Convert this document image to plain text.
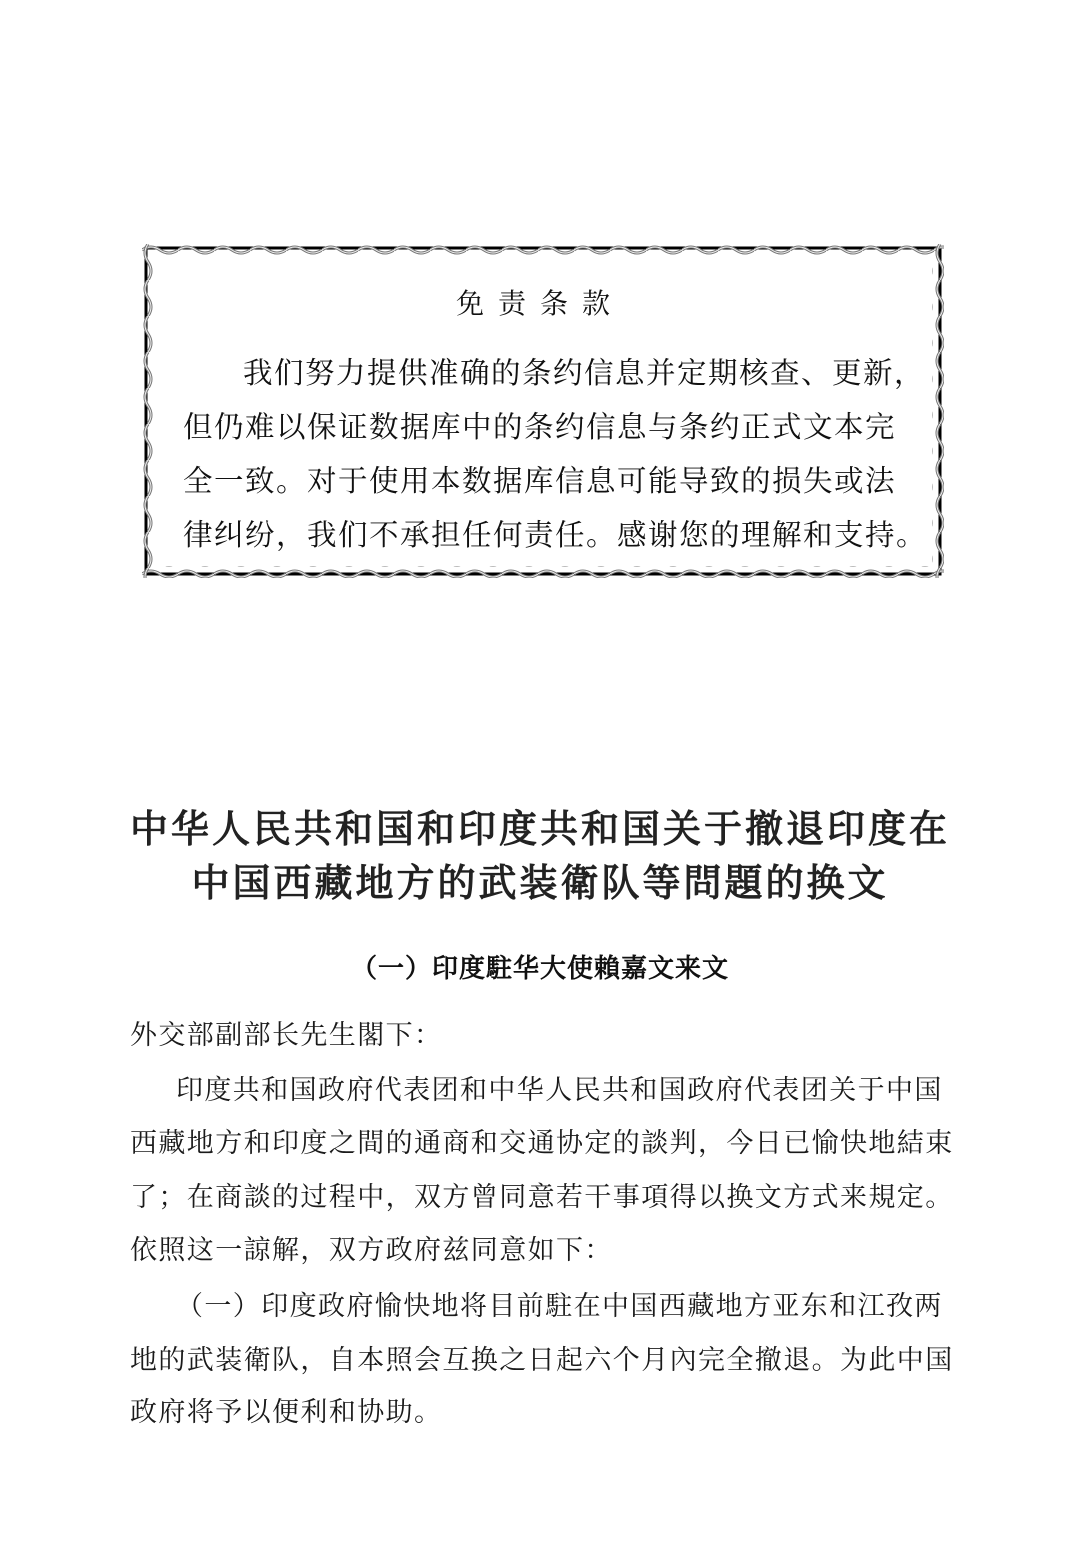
免责条款
我们努力提供准确的条约信息并定期核查、更新，
但仍难以保证数据库中的条约信息与条约正式文本完
全一致。对于使用本数据库信息可能导致的损失或法
律纠纷，我们不承担任何责任。感谢您的理解和支持。
中华人民共和国和印度共和国关于撤退印度在
中国西藏地方的武装衛队等問題的换文
（一）印度駐华大使賴嘉文来文
外交部副部长先生閣下：
印度共和国政府代表团和中华人民共和国政府代表团关于中国
西藏地方和印度之間的通商和交通协定的談判，今日已愉快地結束
了；在商談的过程中，双方曾同意若干事項得以换文方式来規定。
依照这一諒解，双方政府兹同意如下：
（一）印度政府愉快地将目前駐在中国西藏地方亚东和江孜两
地的武装衛队，自本照会互换之日起六个月內完全撤退。为此中国
政府将予以便利和协助。
